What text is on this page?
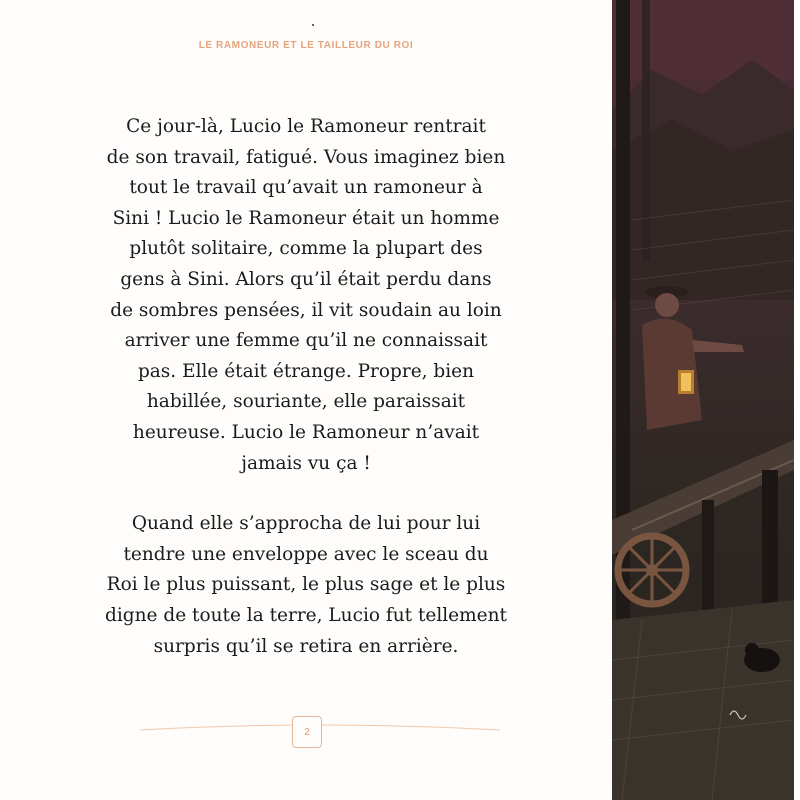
LE RAMONEUR ET LE TAILLEUR DU ROI

Ce jour-là, Lucio le Ramoneur rentrait
de son travail, fatigué. Vous imaginez bien
tout le travail qu’avait un ramoneur à
Sini ! Lucio le Ramoneur était un homme
plutôt solitaire, comme la plupart des
gens à Sini. Alors qu’il était perdu dans
de sombres pensées, il vit soudain au loin
arriver une femme qu’il ne connaissait
pas. Elle était étrange. Propre, bien
habillée, souriante, elle paraissait
heureuse. Lucio le Ramoneur n’avait
jamais vu ça !

Quand elle s’approcha de lui pour lui
tendre une enveloppe avec le sceau du
Roi le plus puissant, le plus sage et le plus
digne de toute la terre, Lucio fut tellement
surpris qu’il se retira en arrière.

2
